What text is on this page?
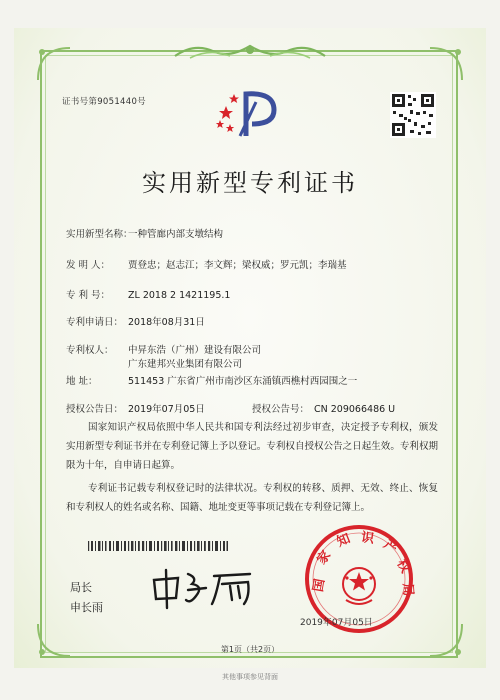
证书号第9051440号
实用新型专利证书
实用新型名称：一种管廊内部支墩结构
发 明 人： 贾登忠；赵志江；李文辉；梁权威；罗元凯；李瑞基
专 利 号： ZL 2018 2 1421195.1
专利申请日： 2018年08月31日
专利权人： 中昇东浩（广州）建设有限公司
广东建邦兴业集团有限公司
地 址：	511453 广东省广州市南沙区东涌镇西樵村西园围之一
授权公告日： 2019年07月05日	授权公告号： CN 209066486 U
国家知识产权局依照中华人民共和国专利法经过初步审查，决定授予专利权，颁发实用新型专利证书并在专利登记簿上予以登记。专利权自授权公告之日起生效。专利权期限为十年，自申请日起算。
专利证书记载专利权登记时的法律状况。专利权的转移、质押、无效、终止、恢复和专利权人的姓名或名称、国籍、地址变更等事项记载在专利登记簿上。
局长
申长雨
国
家
知 识 产
权
局
2019年07月05日
第1页（共2页）
其他事项参见背面
